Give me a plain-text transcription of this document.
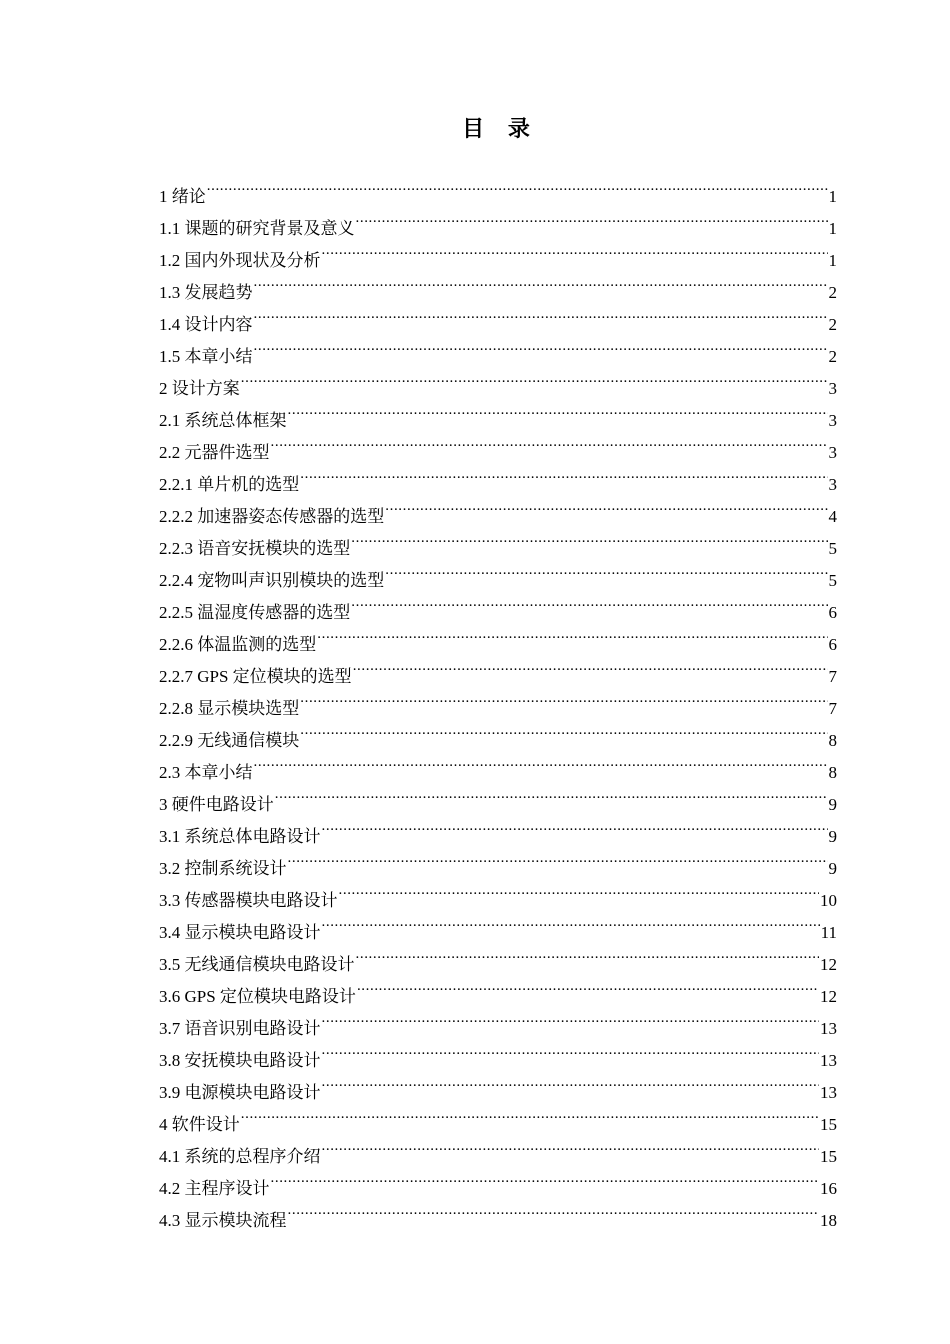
目 录
1 绪论 .....	1
1.1 课题的研究背景及意义 .....	1
1.2 国内外现状及分析 .....	1
1.3 发展趋势 .....	2
1.4 设计内容 .....	2
1.5 本章小结 .....	2
2 设计方案 .....	3
2.1 系统总体框架 .....	3
2.2 元器件选型 .....	3
2.2.1 单片机的选型 .....	3
2.2.2 加速器姿态传感器的选型 .....	4
2.2.3 语音安抚模块的选型 .....	5
2.2.4 宠物叫声识别模块的选型 .....	5
2.2.5 温湿度传感器的选型 .....	6
2.2.6 体温监测的选型 .....	6
2.2.7 GPS 定位模块的选型 .....	7
2.2.8 显示模块选型 .....	7
2.2.9 无线通信模块 .....	8
2.3 本章小结 .....	8
3 硬件电路设计 .....	9
3.1 系统总体电路设计 .....	9
3.2 控制系统设计 .....	9
3.3 传感器模块电路设计 .....	10
3.4 显示模块电路设计 .....	11
3.5 无线通信模块电路设计 .....	12
3.6 GPS 定位模块电路设计 .....	12
3.7 语音识别电路设计 .....	13
3.8 安抚模块电路设计 .....	13
3.9 电源模块电路设计 .....	13
4 软件设计 .....	15
4.1 系统的总程序介绍 .....	15
4.2 主程序设计 .....	16
4.3 显示模块流程 .....	18
